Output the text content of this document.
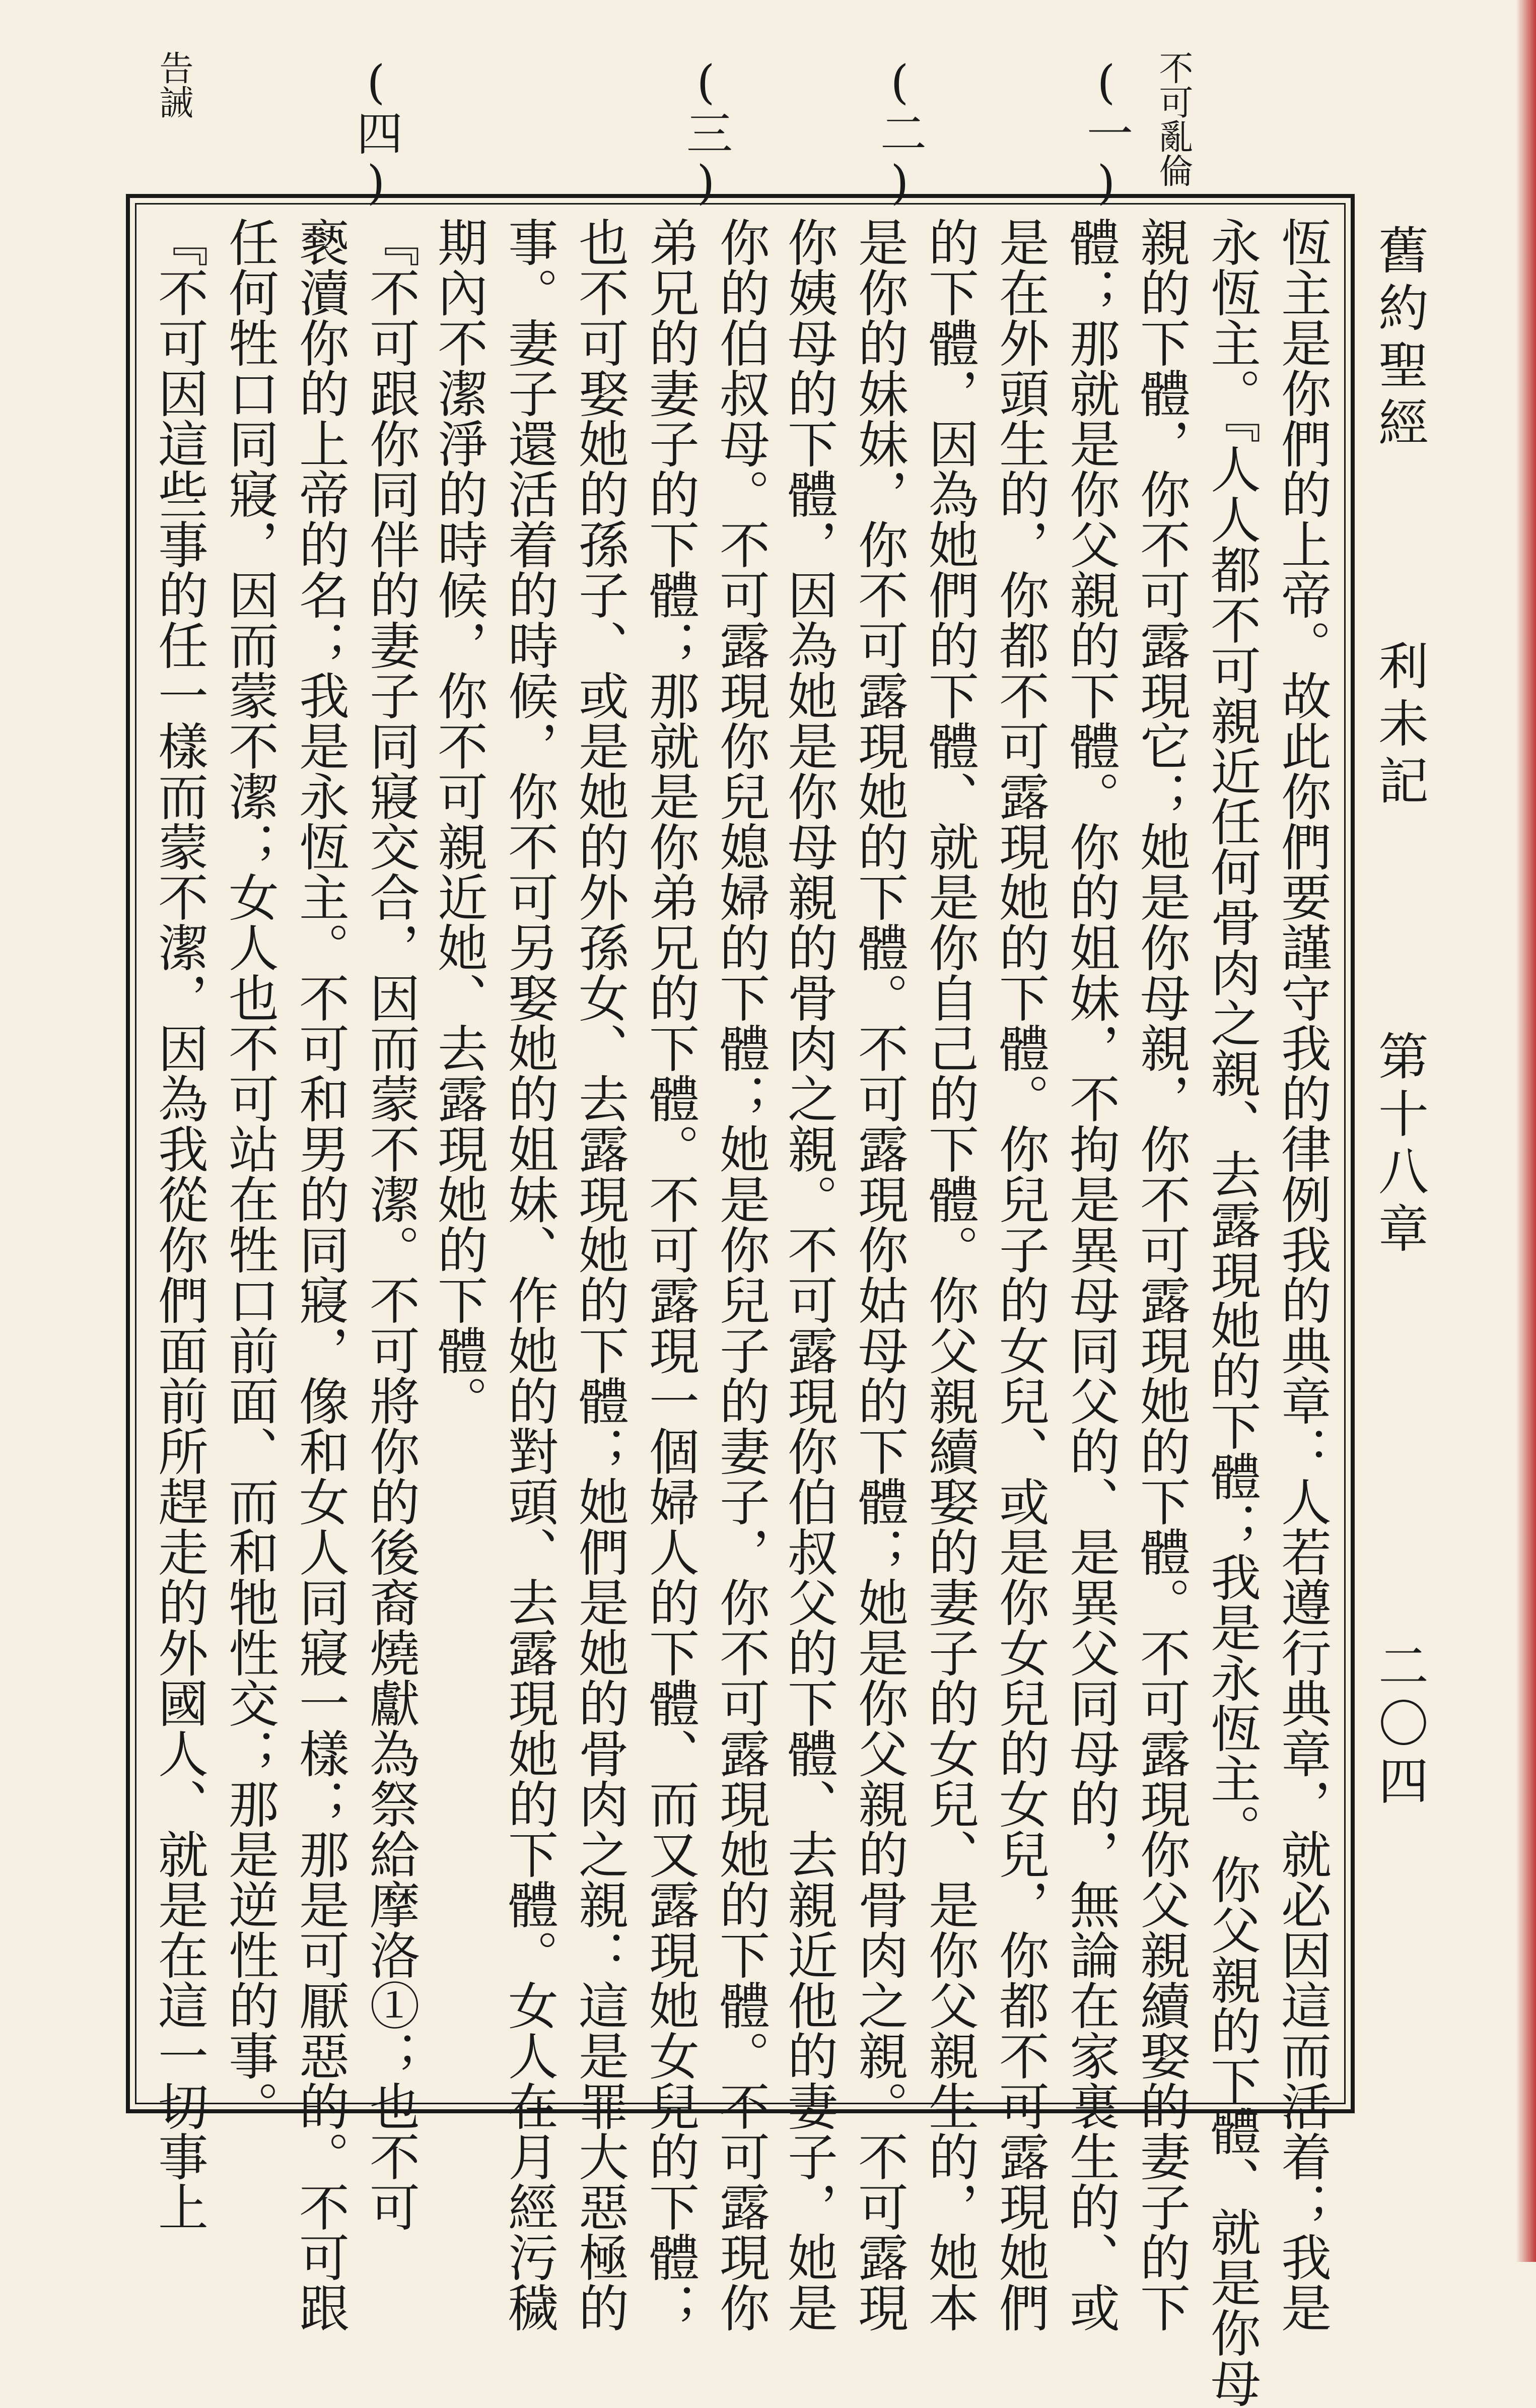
舊約聖經
利未記
第十八章
二〇四
恆主是你們的上帝。故此你們要謹守我的律例我的典章：人若遵行典章，就必因這而活着；我是
永恆主。『人人都不可親近任何骨肉之親、去露現她的下體；我是永恆主。你父親的下體、就是你母
親的下體，你不可露現它；她是你母親，你不可露現她的下體。不可露現你父親續娶的妻子的下
體；那就是你父親的下體。你的姐妹，不拘是異母同父的、是異父同母的，無論在家裏生的、或
是在外頭生的，你都不可露現她的下體。你兒子的女兒、或是你女兒的女兒，你都不可露現她們
的下體，因為她們的下體、就是你自己的下體。你父親續娶的妻子的女兒、是你父親生的，她本
是你的妹妹，你不可露現她的下體。不可露現你姑母的下體；她是你父親的骨肉之親。不可露現
你姨母的下體，因為她是你母親的骨肉之親。不可露現你伯叔父的下體、去親近他的妻子，她是
你的伯叔母。不可露現你兒媳婦的下體；她是你兒子的妻子，你不可露現她的下體。不可露現你
弟兄的妻子的下體；那就是你弟兄的下體。不可露現一個婦人的下體、而又露現她女兒的下體；
也不可娶她的孫子、或是她的外孫女、去露現她的下體；她們是她的骨肉之親：這是罪大惡極的
事。妻子還活着的時候，你不可另娶她的姐妹、作她的對頭、去露現她的下體。女人在月經污穢
期內不潔淨的時候，你不可親近她、去露現她的下體。
『不可跟你同伴的妻子同寢交合，因而蒙不潔。不可將你的後裔燒獻為祭給摩洛①；也不可
褻瀆你的上帝的名；我是永恆主。不可和男的同寢，像和女人同寢一樣；那是可厭惡的。不可跟
任何牲口同寢，因而蒙不潔；女人也不可站在牲口前面、而和牠性交；那是逆性的事。
『不可因這些事的任一樣而蒙不潔，因為我從你們面前所趕走的外國人、就是在這一切事上
不可亂倫
(一)
(二)
(三)
(四)
告誡
